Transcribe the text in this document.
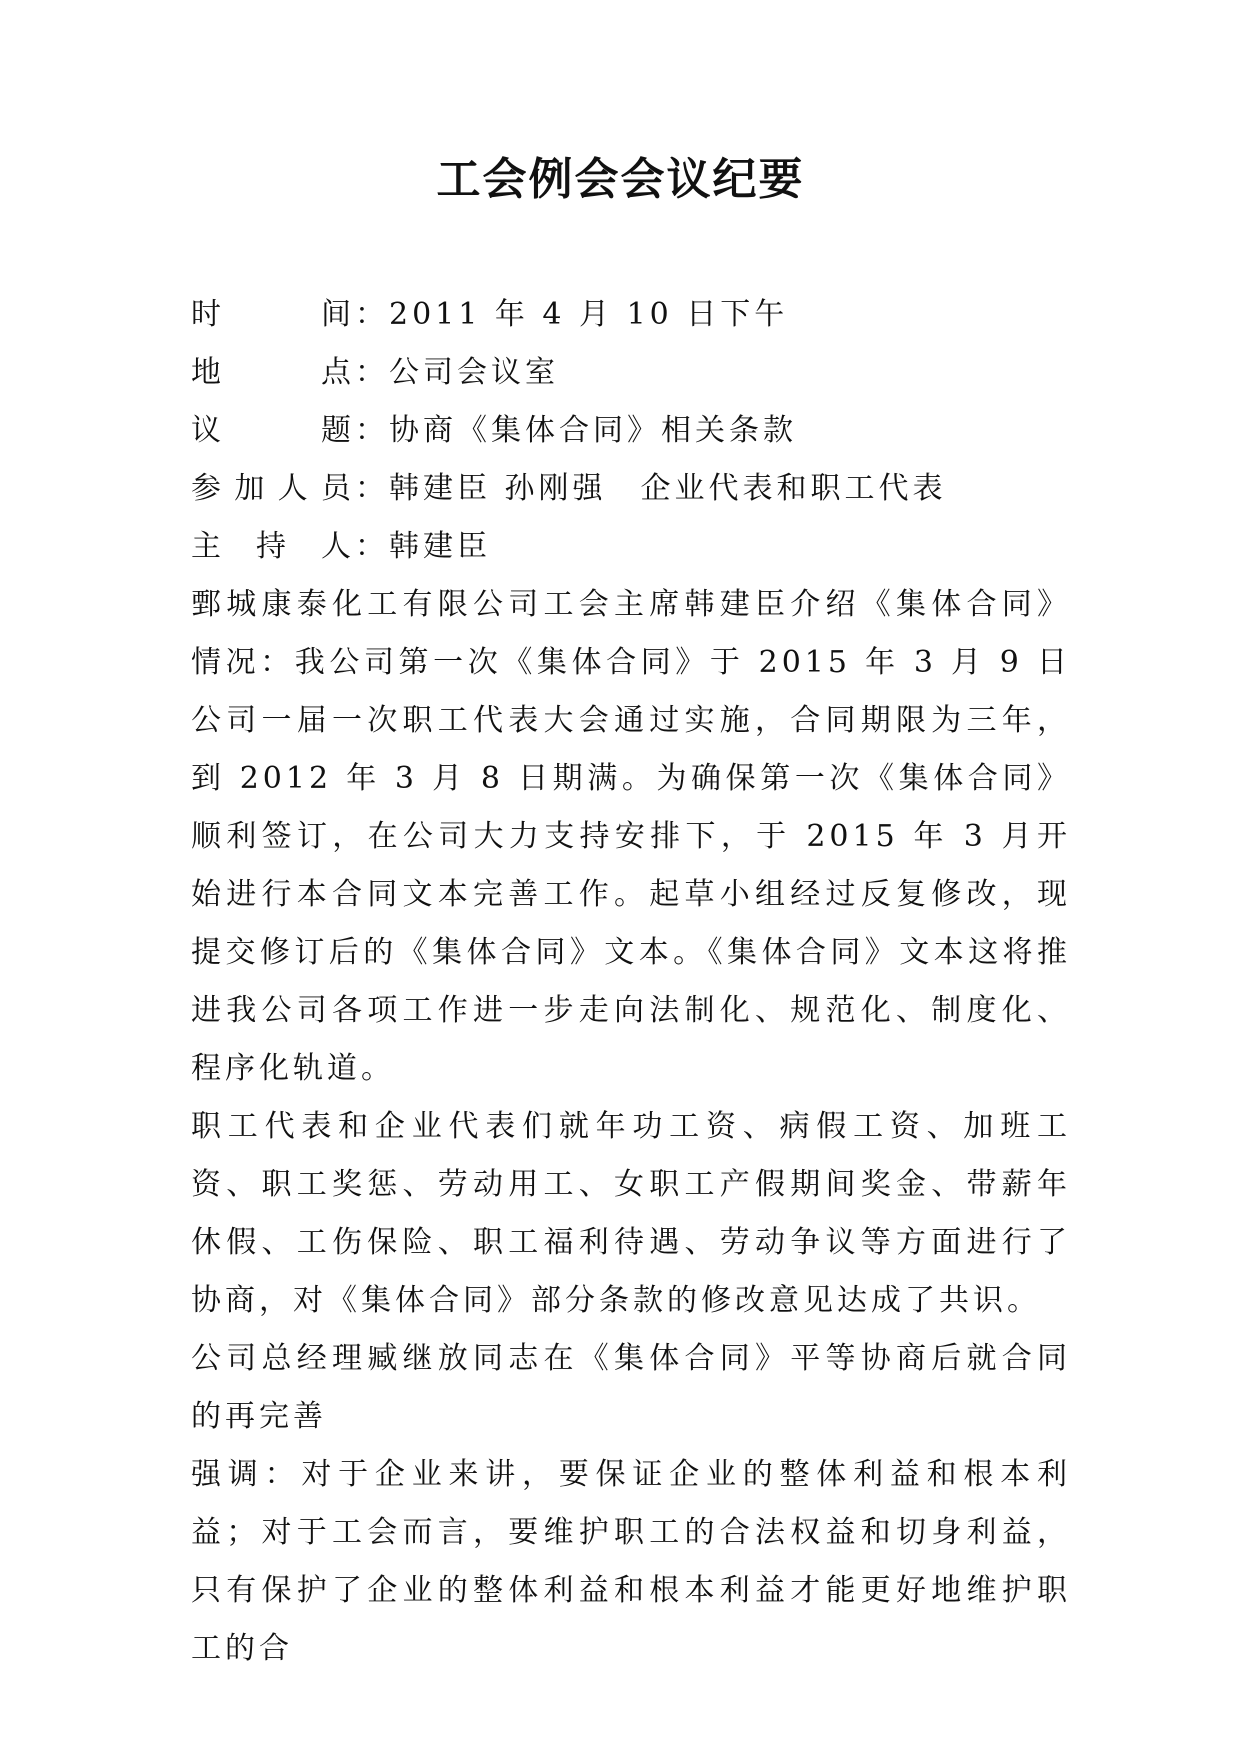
工会例会会议纪要
时间：2011 年 4 月 10 日下午
地点：公司会议室
议题：协商《集体合同》相关条款
参加人员：韩建臣 孙刚强　企业代表和职工代表
主持人：韩建臣

鄄城康泰化工有限公司工会主席韩建臣介绍《集体合同》情况：我公司第一次《集体合同》于 2015 年 3 月 9 日公司一届一次职工代表大会通过实施，合同期限为三年，到 2012 年 3 月 8 日期满。为确保第一次《集体合同》顺利签订，在公司大力支持安排下，于 2015 年 3 月开始进行本合同文本完善工作。起草小组经过反复修改，现提交修订后的《集体合同》文本。《集体合同》文本这将推进我公司各项工作进一步走向法制化、规范化、制度化、程序化轨道。

职工代表和企业代表们就年功工资、病假工资、加班工资、职工奖惩、劳动用工、女职工产假期间奖金、带薪年休假、工伤保险、职工福利待遇、劳动争议等方面进行了协商，对《集体合同》部分条款的修改意见达成了共识。

公司总经理臧继放同志在《集体合同》平等协商后就合同的再完善

强调：对于企业来讲，要保证企业的整体利益和根本利益；对于工会而言，要维护职工的合法权益和切身利益，只有保护了企业的整体利益和根本利益才能更好地维护职工的合
